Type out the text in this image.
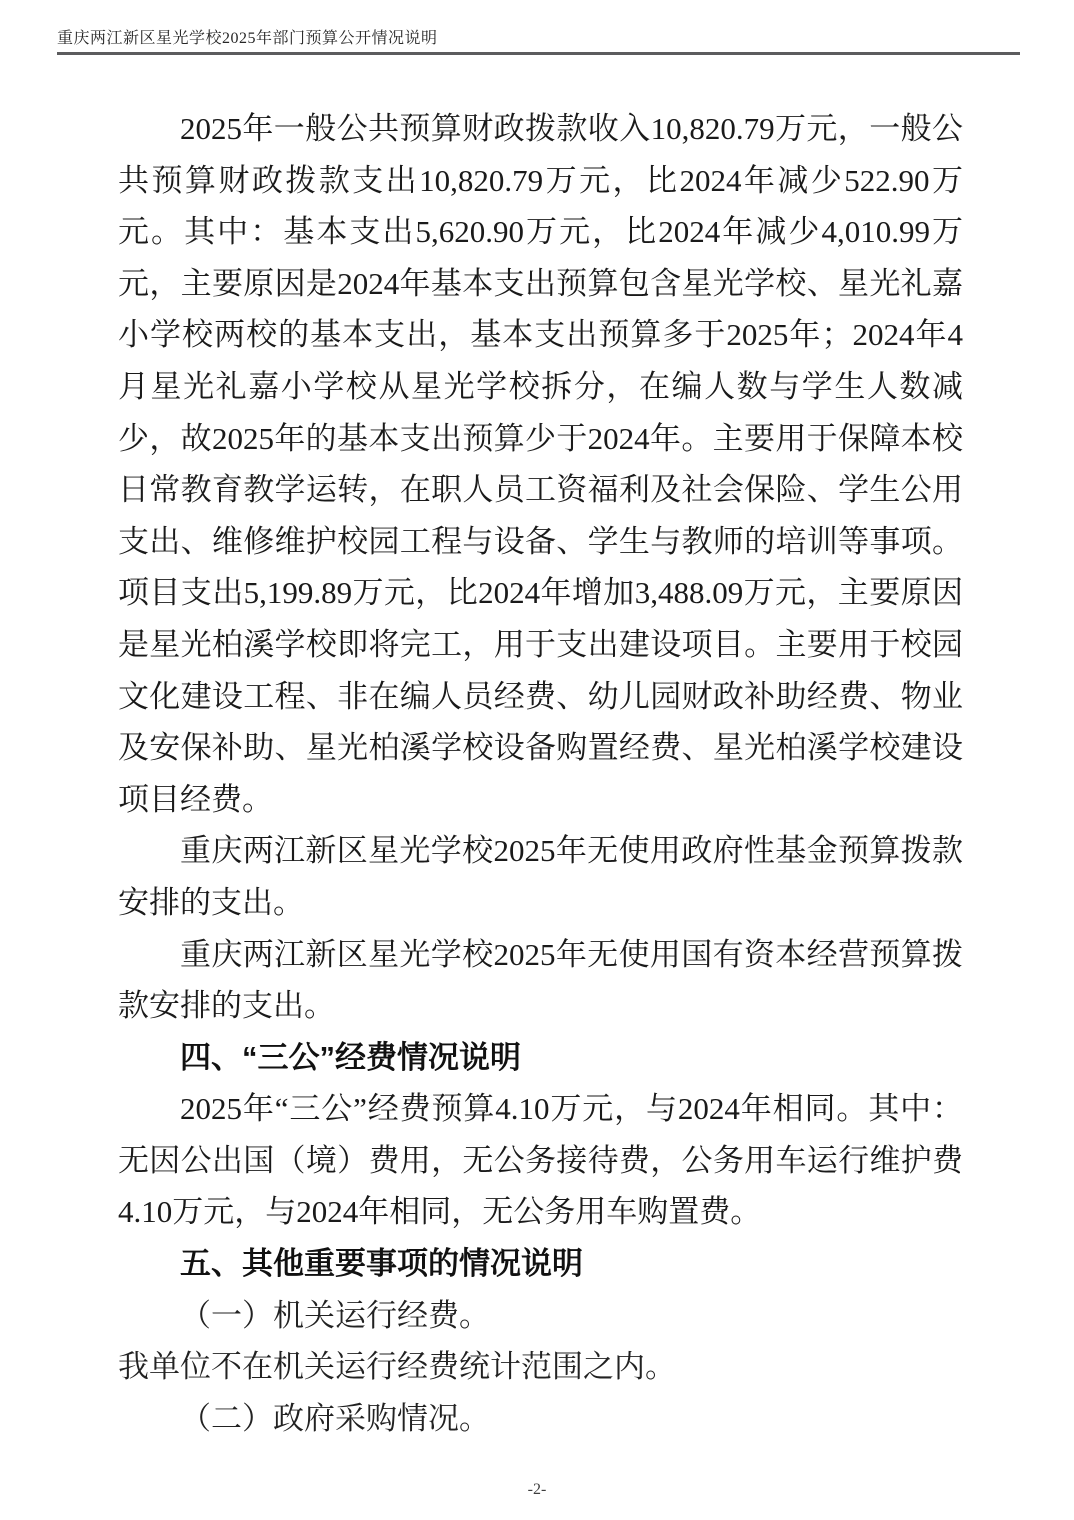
重庆两江新区星光学校2025年部门预算公开情况说明

2025年一般公共预算财政拨款收入10,820.79万元，一般公共预算财政拨款支出10,820.79万元，比2024年减少522.90万元。其中：基本支出5,620.90万元，比2024年减少4,010.99万元，主要原因是2024年基本支出预算包含星光学校、星光礼嘉小学校两校的基本支出，基本支出预算多于2025年；2024年4月星光礼嘉小学校从星光学校拆分，在编人数与学生人数减少，故2025年的基本支出预算少于2024年。主要用于保障本校日常教育教学运转，在职人员工资福利及社会保险、学生公用支出、维修维护校园工程与设备、学生与教师的培训等事项。项目支出5,199.89万元，比2024年增加3,488.09万元，主要原因是星光柏溪学校即将完工，用于支出建设项目。主要用于校园文化建设工程、非在编人员经费、幼儿园财政补助经费、物业及安保补助、星光柏溪学校设备购置经费、星光柏溪学校建设项目经费。

重庆两江新区星光学校2025年无使用政府性基金预算拨款安排的支出。

重庆两江新区星光学校2025年无使用国有资本经营预算拨款安排的支出。

四、“三公”经费情况说明

2025年“三公”经费预算4.10万元，与2024年相同。其中：无因公出国（境）费用，无公务接待费，公务用车运行维护费4.10万元，与2024年相同，无公务用车购置费。

五、其他重要事项的情况说明

（一）机关运行经费。

我单位不在机关运行经费统计范围之内。

（二）政府采购情况。

-2-
